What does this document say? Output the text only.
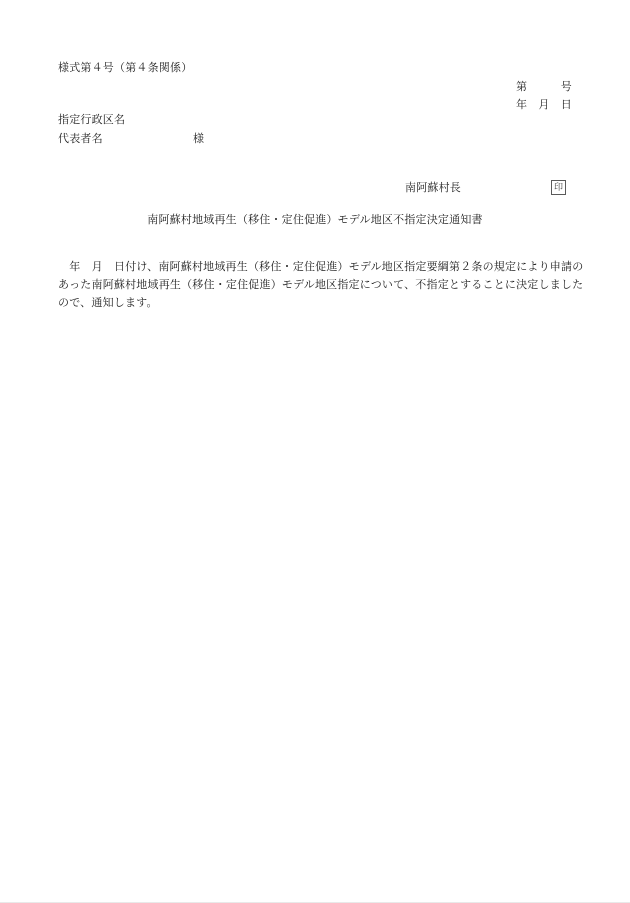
様式第４号（第４条関係）
第　　　号
年　月　日
指定行政区名
代表者名	様
南阿蘇村長	印
南阿蘇村地域再生（移住・定住促進）モデル地区不指定決定通知書
　年　月　日付け、南阿蘇村地域再生（移住・定住促進）モデル地区指定要綱第２条の規定により申請の
あった南阿蘇村地域再生（移住・定住促進）モデル地区指定について、不指定とすることに決定しました
ので、通知します。
